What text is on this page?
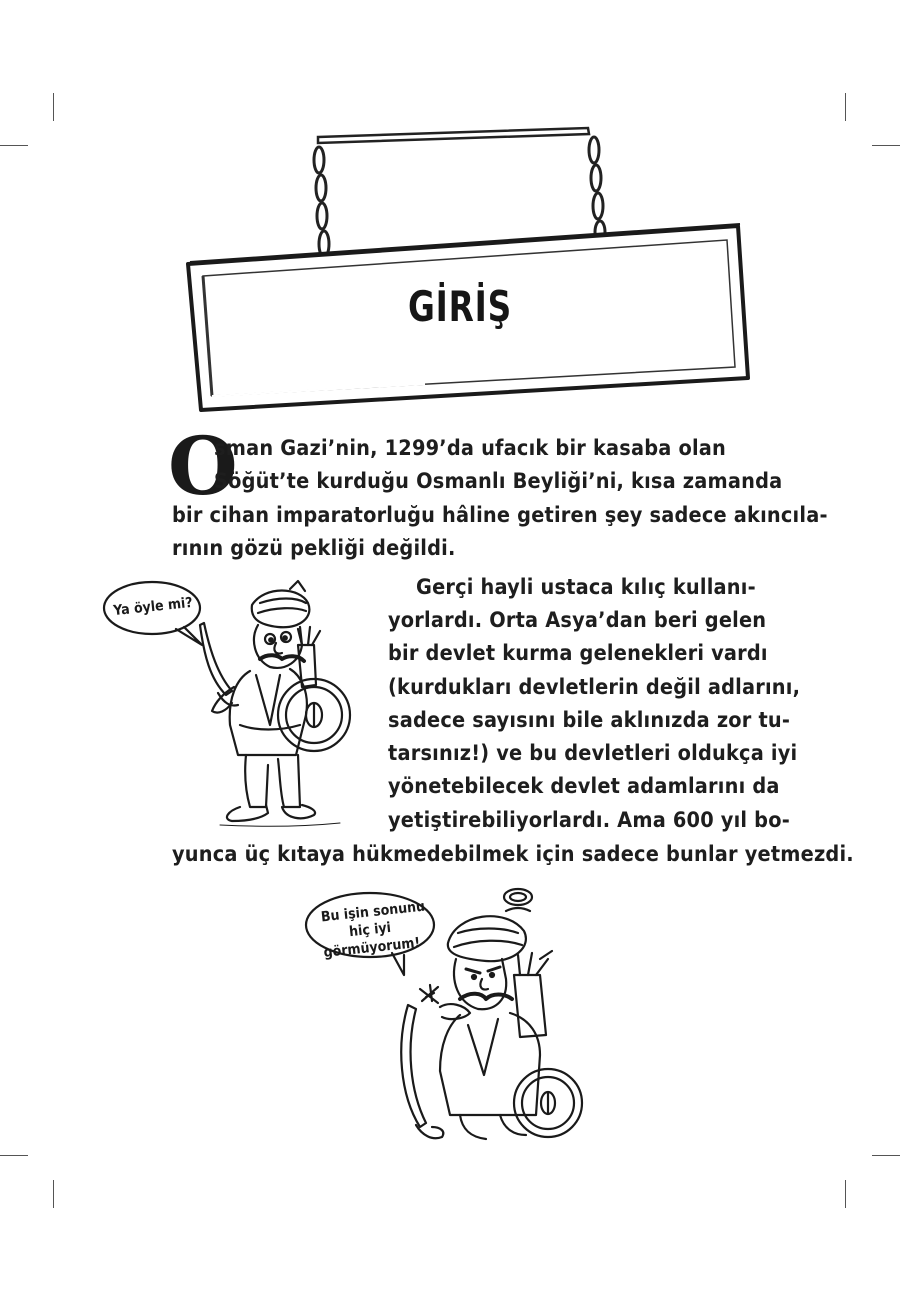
GİRİŞ
O
sman Gazi’nin, 1299’da ufacık bir kasaba olan
Söğüt’te kurduğu Osmanlı Beyliği’ni, kısa zamanda
bir cihan imparatorluğu hâline getiren şey sadece akıncıla-
rının gözü pekliği değildi.
Gerçi hayli ustaca kılıç kullanı-
yorlardı. Orta Asya’dan beri gelen
bir devlet kurma gelenekleri vardı
(kurdukları devletlerin değil adlarını,
sadece sayısını bile aklınızda zor tu-
tarsınız!) ve bu devletleri oldukça iyi
yönetebilecek devlet adamlarını da
yetiştirebiliyorlardı. Ama 600 yıl bo-
yunca üç kıtaya hükmedebilmek için sadece bunlar yetmezdi.
Ya öyle mi?
Bu işin sonunu
hiç iyi görmüyorum!
